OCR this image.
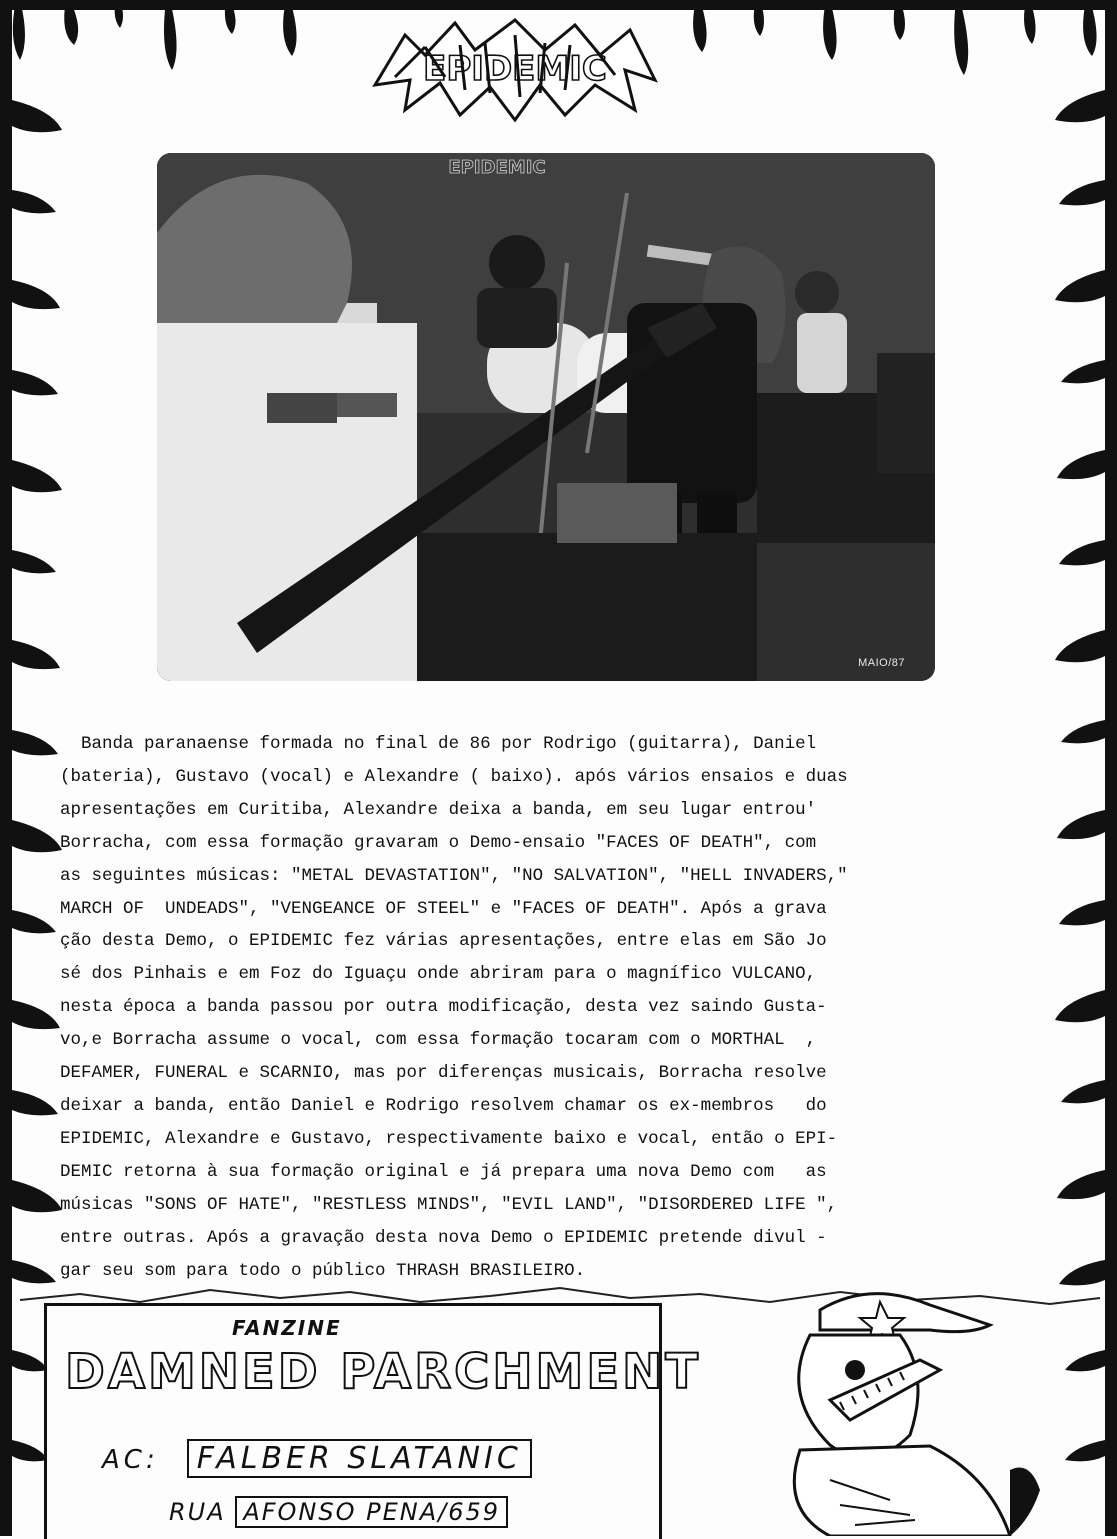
EPIDEMIC
EPIDEMIC
MAIO/87
Banda paranaense formada no final de 86 por Rodrigo (guitarra), Daniel
(bateria), Gustavo (vocal) e Alexandre ( baixo). após vários ensaios e duas
apresentações em Curitiba, Alexandre deixa a banda, em seu lugar entrou'
Borracha, com essa formação gravaram o Demo-ensaio "FACES OF DEATH", com
as seguintes músicas: "METAL DEVASTATION", "NO SALVATION", "HELL INVADERS,"
MARCH OF  UNDEADS", "VENGEANCE OF STEEL" e "FACES OF DEATH". Após a grava
ção desta Demo, o EPIDEMIC fez várias apresentações, entre elas em São Jo
sé dos Pinhais e em Foz do Iguaçu onde abriram para o magnífico VULCANO,
nesta época a banda passou por outra modificação, desta vez saindo Gusta-
vo,e Borracha assume o vocal, com essa formação tocaram com o MORTHAL  ,
DEFAMER, FUNERAL e SCARNIO, mas por diferenças musicais, Borracha resolve
deixar a banda, então Daniel e Rodrigo resolvem chamar os ex-membros   do
EPIDEMIC, Alexandre e Gustavo, respectivamente baixo e vocal, então o EPI-
DEMIC retorna à sua formação original e já prepara uma nova Demo com   as
músicas "SONS OF HATE", "RESTLESS MINDS", "EVIL LAND", "DISORDERED LIFE ",
entre outras. Após a gravação desta nova Demo o EPIDEMIC pretende divul -
gar seu som para todo o público THRASH BRASILEIRO.
FANZINE
DAMNED PARCHMENT
AC: FALBER SLATANIC
RUA AFONSO PENA/659
